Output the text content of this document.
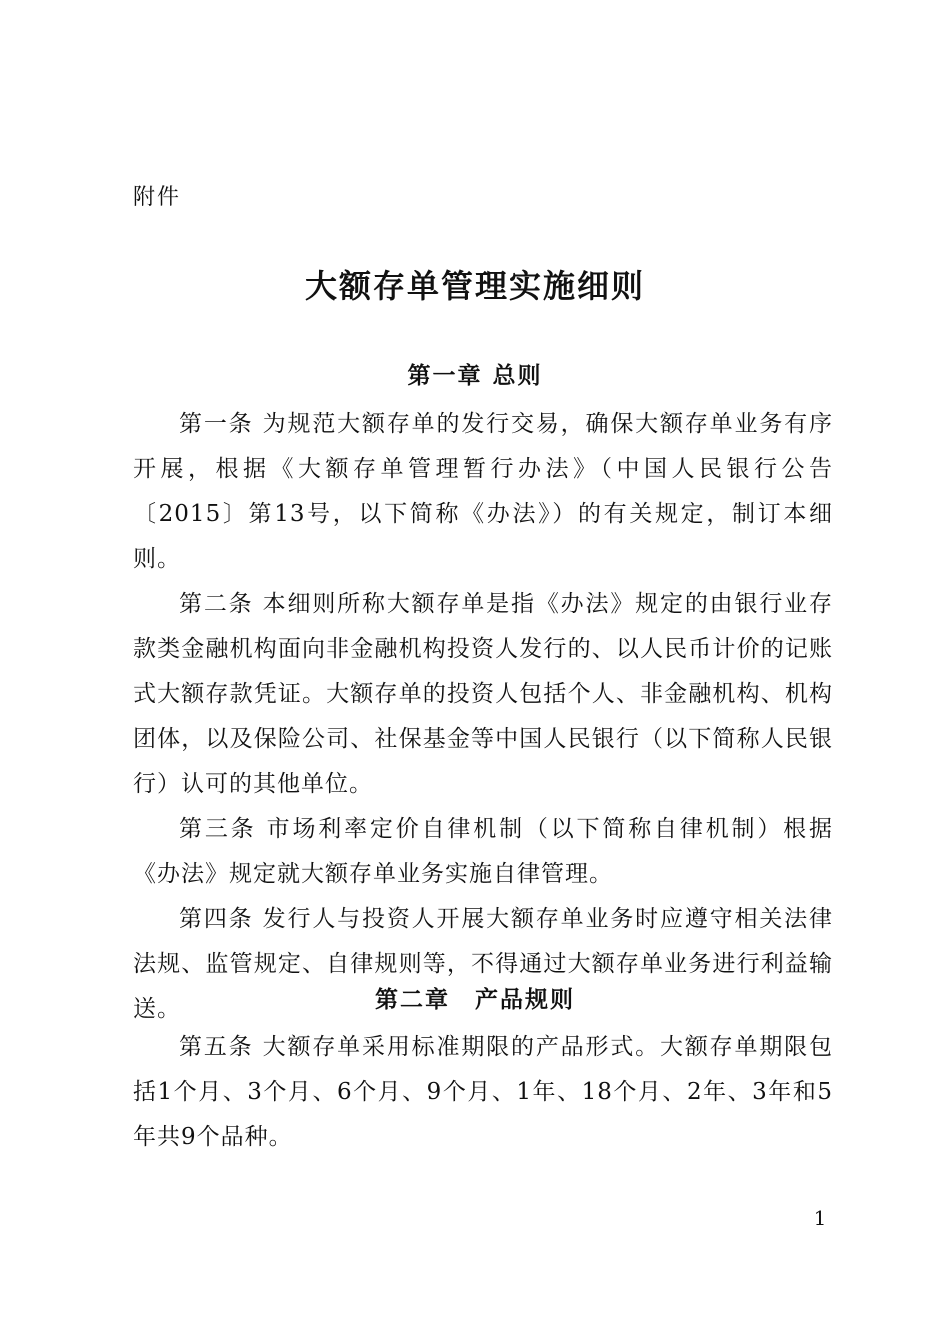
附件
大额存单管理实施细则
第一章 总则

第一条 为规范大额存单的发行交易，确保大额存单业务有序开展，根据《大额存单管理暂行办法》（中国人民银行公告〔2015〕第13号，以下简称《办法》）的有关规定，制订本细则。

第二条 本细则所称大额存单是指《办法》规定的由银行业存款类金融机构面向非金融机构投资人发行的、以人民币计价的记账式大额存款凭证。大额存单的投资人包括个人、非金融机构、机构团体，以及保险公司、社保基金等中国人民银行（以下简称人民银行）认可的其他单位。

第三条 市场利率定价自律机制（以下简称自律机制）根据《办法》规定就大额存单业务实施自律管理。

第四条 发行人与投资人开展大额存单业务时应遵守相关法律法规、监管规定、自律规则等，不得通过大额存单业务进行利益输送。	第二章　产品规则

第五条 大额存单采用标准期限的产品形式。大额存单期限包括1个月、3个月、6个月、9个月、1年、18个月、2年、3年和5年共9个品种。

1
